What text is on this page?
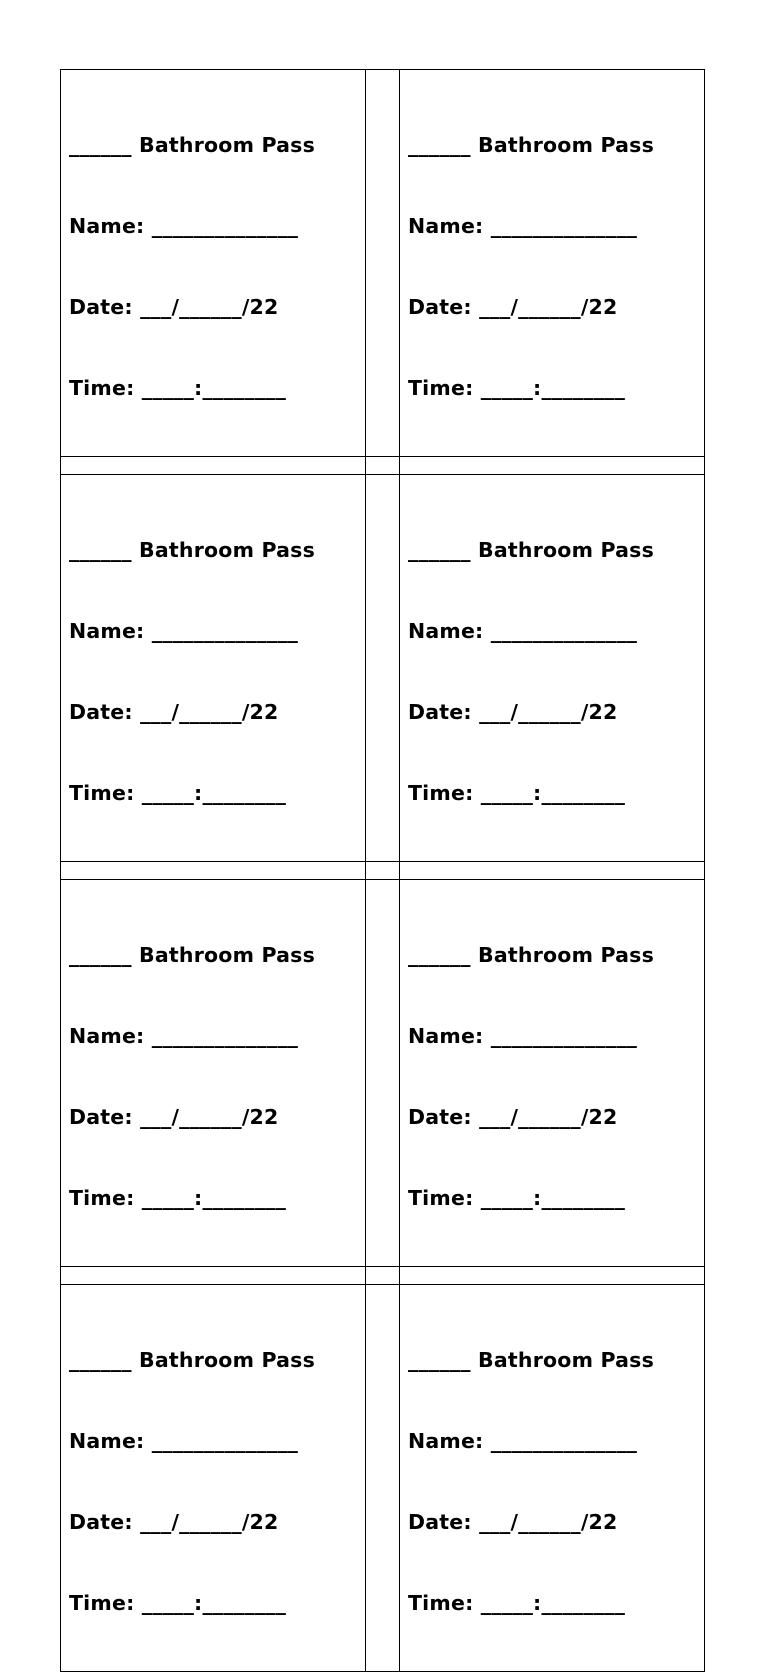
______ Bathroom Pass

Name: ______________

Date: ___/______/22

Time: _____:________		______ Bathroom Pass

Name: ______________

Date: ___/______/22

Time: _____:________

______ Bathroom Pass

Name: ______________

Date: ___/______/22

Time: _____:________		______ Bathroom Pass

Name: ______________

Date: ___/______/22

Time: _____:________

______ Bathroom Pass

Name: ______________

Date: ___/______/22

Time: _____:________		______ Bathroom Pass

Name: ______________

Date: ___/______/22

Time: _____:________

______ Bathroom Pass

Name: ______________

Date: ___/______/22

Time: _____:________		______ Bathroom Pass

Name: ______________

Date: ___/______/22

Time: _____:________
